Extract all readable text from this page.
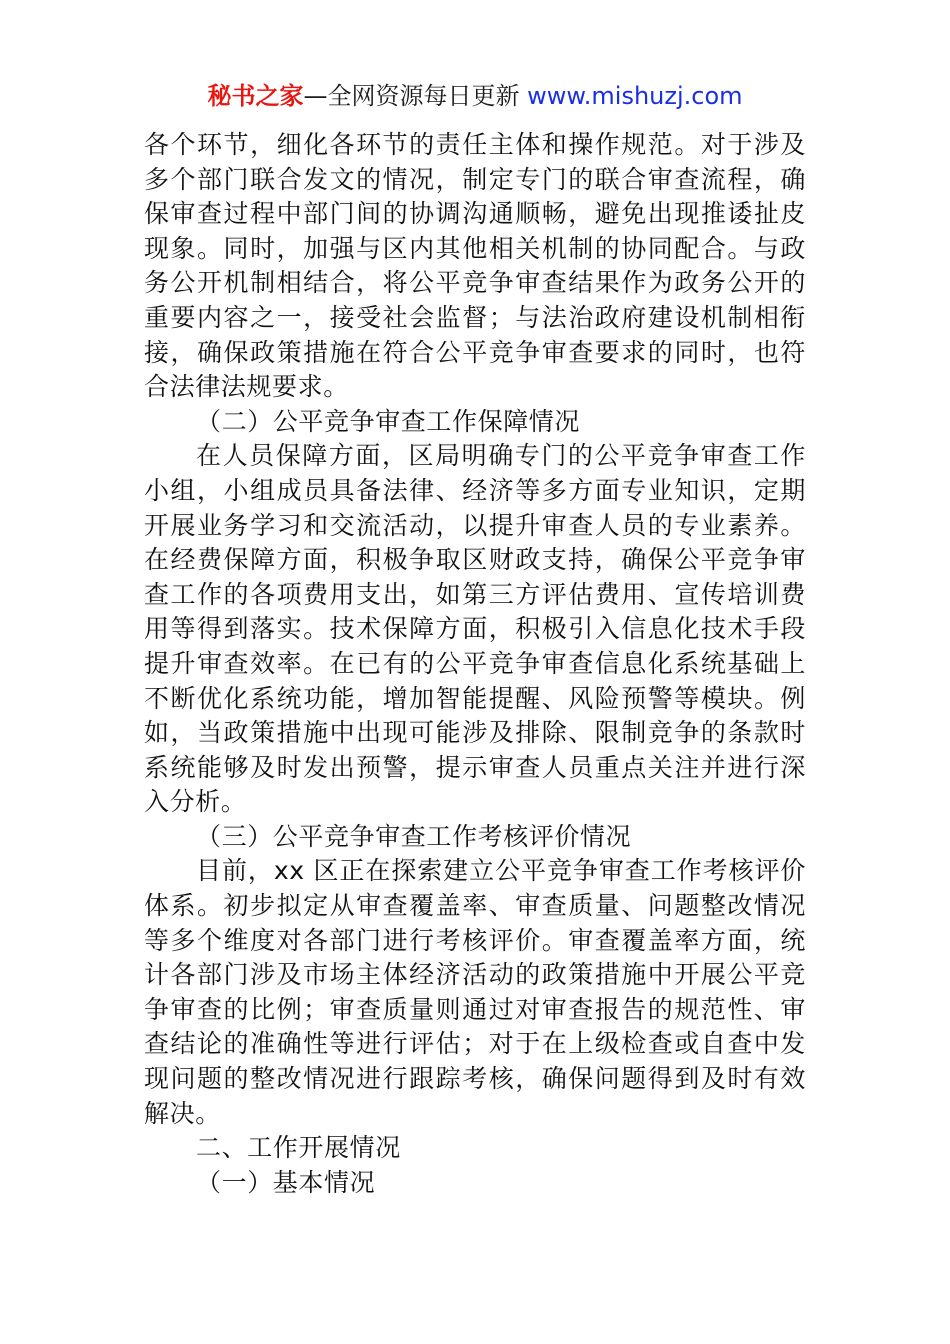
秘书之家—全网资源每日更新 www.mishuzj.com

各个环节，细化各环节的责任主体和操作规范。对于涉及多个部门联合发文的情况，制定专门的联合审查流程，确保审查过程中部门间的协调沟通顺畅，避免出现推诿扯皮现象。同时，加强与区内其他相关机制的协同配合。与政务公开机制相结合，将公平竞争审查结果作为政务公开的重要内容之一，接受社会监督；与法治政府建设机制相衔接，确保政策措施在符合公平竞争审查要求的同时，也符合法律法规要求。

（二）公平竞争审查工作保障情况

在人员保障方面，区局明确专门的公平竞争审查工作小组，小组成员具备法律、经济等多方面专业知识，定期开展业务学习和交流活动，以提升审查人员的专业素养。在经费保障方面，积极争取区财政支持，确保公平竞争审查工作的各项费用支出，如第三方评估费用、宣传培训费用等得到落实。技术保障方面，积极引入信息化技术手段提升审查效率。在已有的公平竞争审查信息化系统基础上不断优化系统功能，增加智能提醒、风险预警等模块。例如，当政策措施中出现可能涉及排除、限制竞争的条款时系统能够及时发出预警，提示审查人员重点关注并进行深入分析。

（三）公平竞争审查工作考核评价情况

目前，xx 区正在探索建立公平竞争审查工作考核评价体系。初步拟定从审查覆盖率、审查质量、问题整改情况等多个维度对各部门进行考核评价。审查覆盖率方面，统计各部门涉及市场主体经济活动的政策措施中开展公平竞争审查的比例；审查质量则通过对审查报告的规范性、审查结论的准确性等进行评估；对于在上级检查或自查中发现问题的整改情况进行跟踪考核，确保问题得到及时有效解决。

二、工作开展情况

（一）基本情况
